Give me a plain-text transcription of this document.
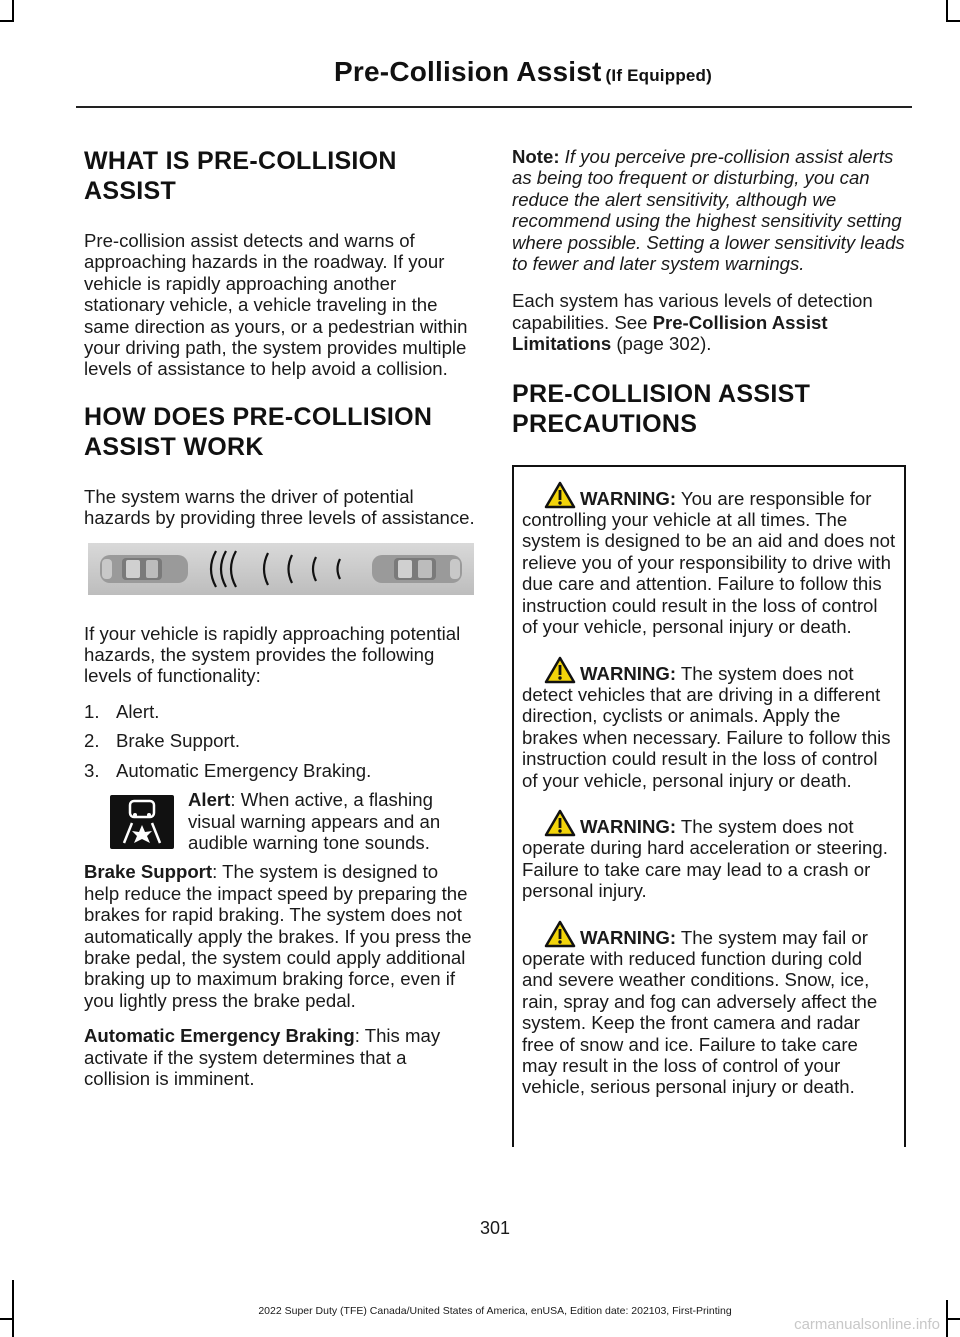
Pre-Collision Assist (If Equipped)
WHAT IS PRE-COLLISION ASSIST

Pre-collision assist detects and warns of approaching hazards in the roadway. If your vehicle is rapidly approaching another stationary vehicle, a vehicle traveling in the same direction as yours, or a pedestrian within your driving path, the system provides multiple levels of assistance to help avoid a collision.

HOW DOES PRE-COLLISION ASSIST WORK

The system warns the driver of potential hazards by providing three levels of assistance.

If your vehicle is rapidly approaching potential hazards, the system provides the following levels of functionality:

1. Alert.
2. Brake Support.
3. Automatic Emergency Braking.
Alert: When active, a flashing visual warning appears and an audible warning tone sounds.

Brake Support: The system is designed to help reduce the impact speed by preparing the brakes for rapid braking. The system does not automatically apply the brakes. If you press the brake pedal, the system could apply additional braking up to maximum braking force, even if you lightly press the brake pedal.

Automatic Emergency Braking: This may activate if the system determines that a collision is imminent.

Note: If you perceive pre-collision assist alerts as being too frequent or disturbing, you can reduce the alert sensitivity, although we recommend using the highest sensitivity setting where possible. Setting a lower sensitivity leads to fewer and later system warnings.

Each system has various levels of detection capabilities. See Pre-Collision Assist Limitations (page 302).

PRE-COLLISION ASSIST PRECAUTIONS
WARNING: You are responsible for controlling your vehicle at all times. The system is designed to be an aid and does not relieve you of your responsibility to drive with due care and attention. Failure to follow this instruction could result in the loss of control of your vehicle, personal injury or death.
WARNING: The system does not detect vehicles that are driving in a different direction, cyclists or animals. Apply the brakes when necessary. Failure to follow this instruction could result in the loss of control of your vehicle, personal injury or death.
WARNING: The system does not operate during hard acceleration or steering. Failure to take care may lead to a crash or personal injury.
WARNING: The system may fail or operate with reduced function during cold and severe weather conditions. Snow, ice, rain, spray and fog can adversely affect the system. Keep the front camera and radar free of snow and ice. Failure to take care may result in the loss of control of your vehicle, serious personal injury or death.
301
2022 Super Duty (TFE) Canada/United States of America, enUSA, Edition date: 202103, First-Printing
carmanualsonline.info
